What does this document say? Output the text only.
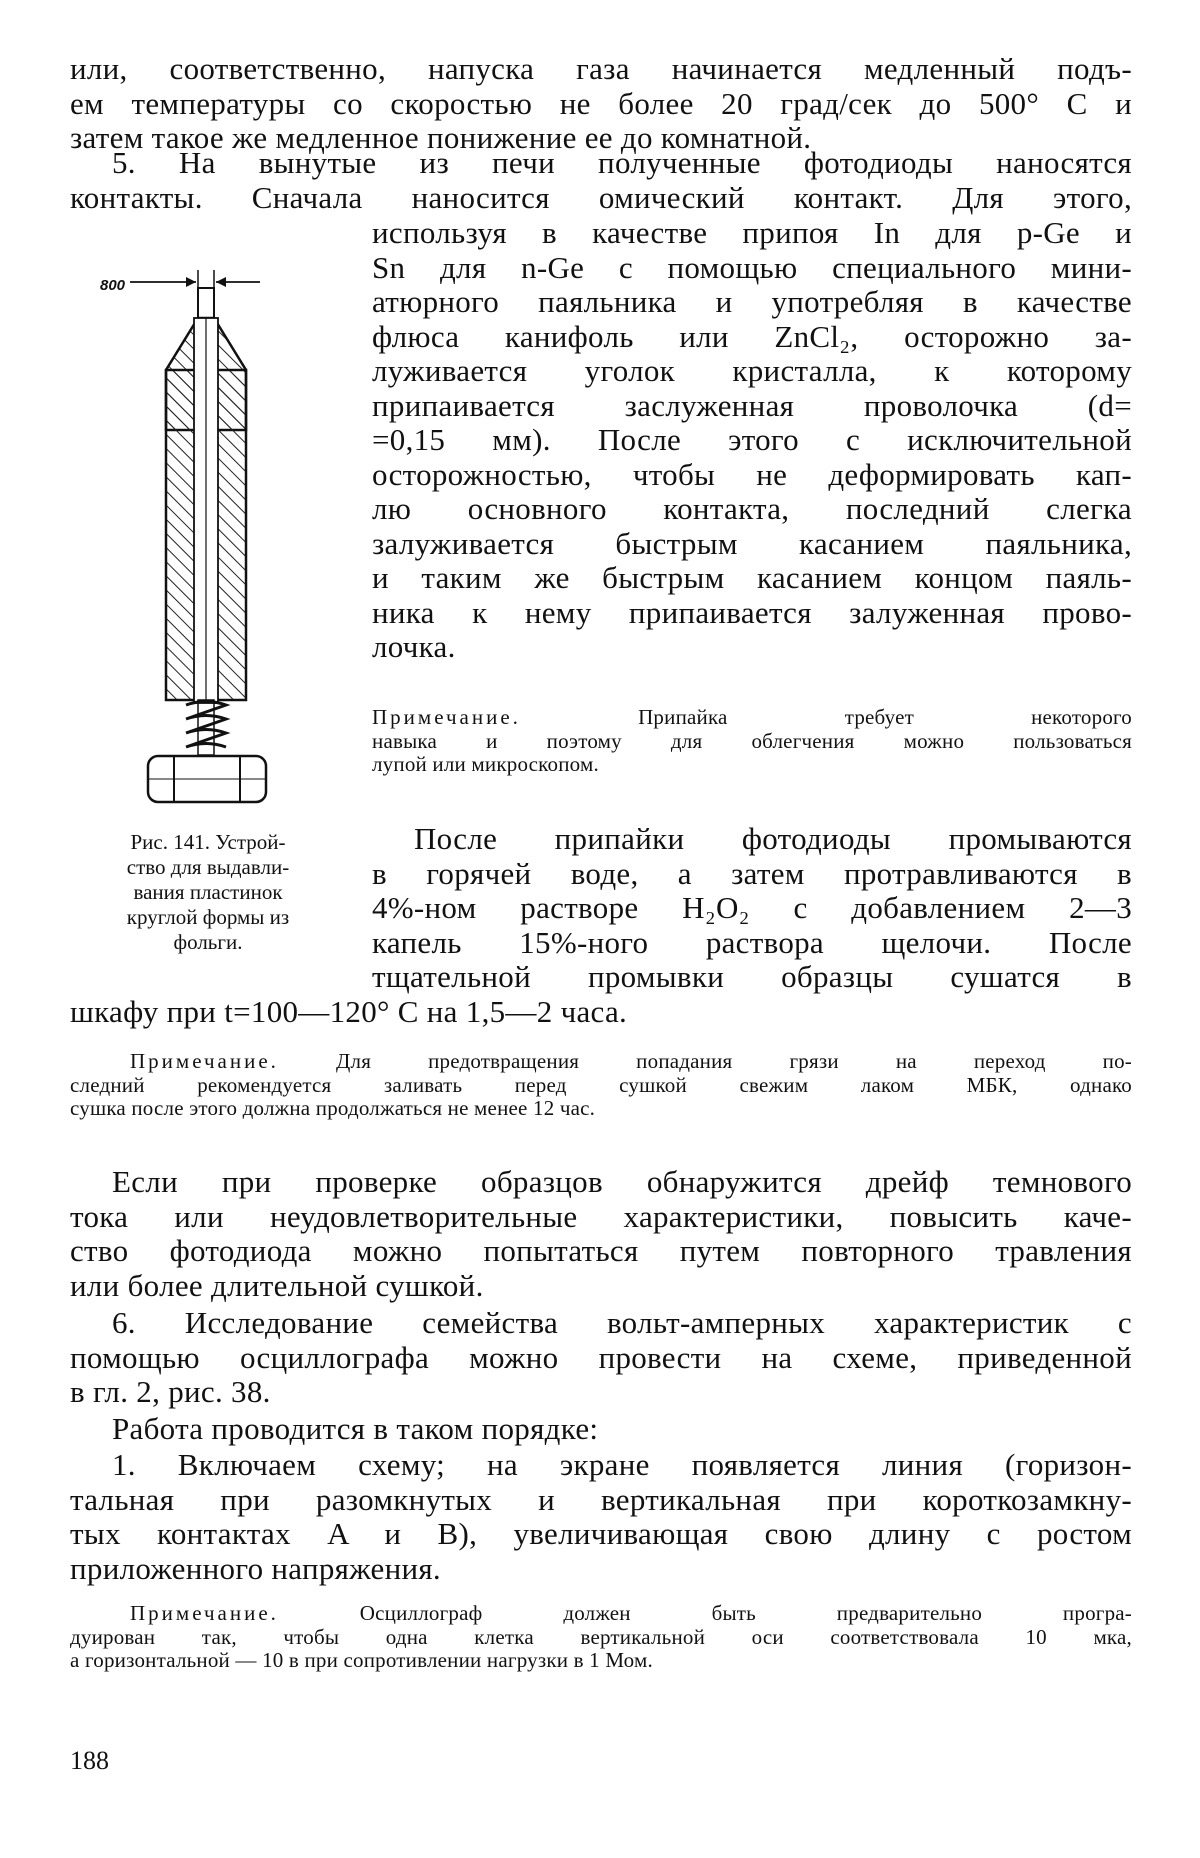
или, соответственно, напуска газа начинается медленный подъ-
ем температуры со скоростью не более 20 град/сек до 500° С и
затем такое же медленное понижение ее до комнатной.
5. На вынутые из печи полученные фотодиоды наносятся
контакты. Сначала наносится омический контакт. Для этого,
используя в качестве припоя In для p-Ge и
Sn для n-Ge с помощью специального мини-
атюрного паяльника и употребляя в качестве
флюса канифоль или ZnCl₂, осторожно за-
луживается уголок кристалла, к которому
припаивается заслуженная проволочка (d=
=0,15 мм). После этого с исключительной
осторожностью, чтобы не деформировать кап-
лю основного контакта, последний слегка
залуживается быстрым касанием паяльника,
и таким же быстрым касанием концом паяль-
ника к нему припаивается залуженная прово-
лочка.
Примечание.	Припайка требует некоторого
навыка и поэтому для облегчения можно пользоваться
лупой или микроскопом.
800
Рис. 141. Устрой-
ство для выдавли-
вания пластинок
круглой формы из
фольги.
После припайки фотодиоды промываются
в горячей воде, а затем протравливаются в
4%-ном растворе H₂O₂ с добавлением 2—3
капель 15%-ного раствора щелочи. После
тщательной промывки образцы сушатся в
шкафу при t=100—120° С на 1,5—2 часа.
Примечание.	Для предотвращения попадания грязи на переход по-
следний рекомендуется заливать перед сушкой свежим лаком МБК, однако
сушка после этого должна продолжаться не менее 12 час.
Если при проверке образцов обнаружится дрейф темнового
тока или неудовлетворительные характеристики, повысить каче-
ство фотодиода можно попытаться путем повторного травления
или более длительной сушкой.
6. Исследование семейства вольт-амперных характеристик с
помощью осциллографа можно провести на схеме, приведенной
в гл. 2, рис. 38.
Работа проводится в таком порядке:
1. Включаем схему; на экране появляется линия (горизон-
тальная при разомкнутых и вертикальная при короткозамкну-
тых контактах A и B), увеличивающая свою длину с ростом
приложенного напряжения.
Примечание.	Осциллограф должен быть предварительно програ-
дуирован так, чтобы одна клетка вертикальной оси соответствовала 10 мка,
а горизонтальной — 10 в при сопротивлении нагрузки в 1 Мом.
188
